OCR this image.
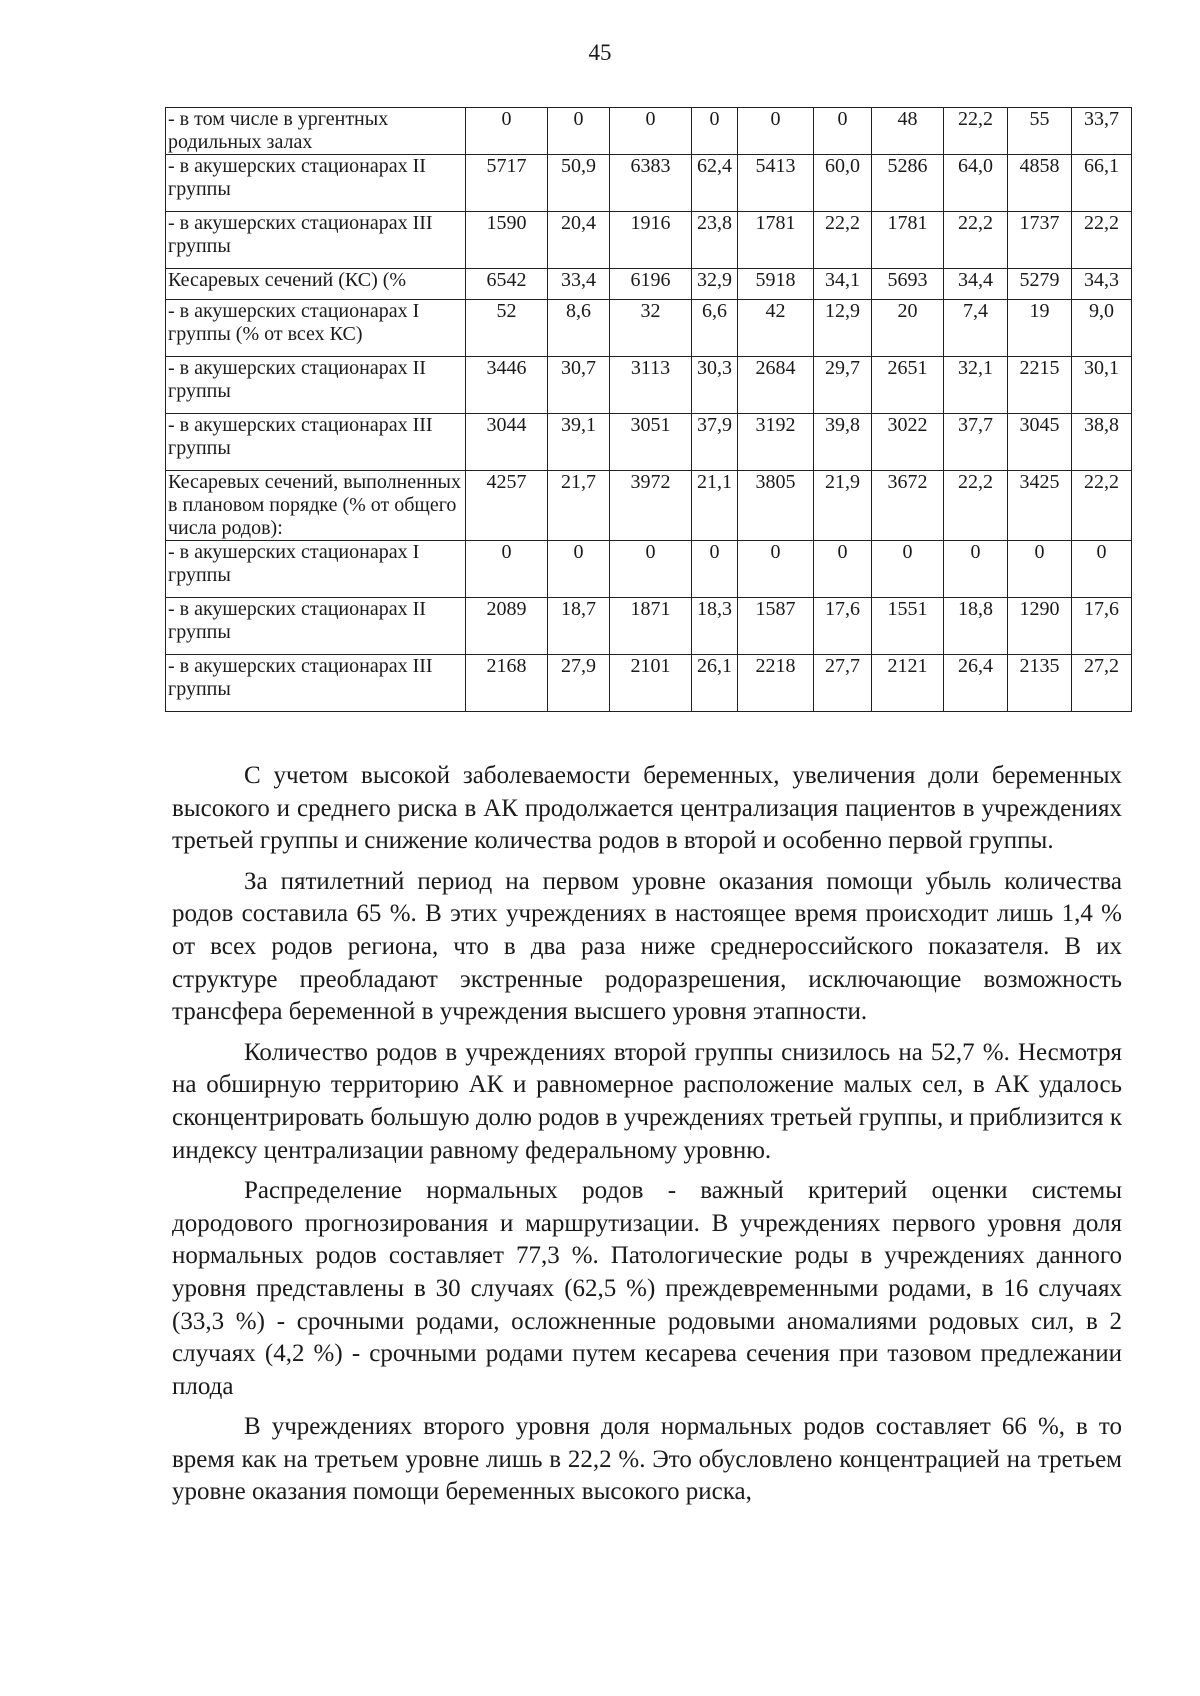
45
- в том числе в ургентных родильных залах	0	0	0	0	0	0	48	22,2	55	33,7
- в акушерских стационарах II группы	5717	50,9	6383	62,4	5413	60,0	5286	64,0	4858	66,1
- в акушерских стационарах III группы	1590	20,4	1916	23,8	1781	22,2	1781	22,2	1737	22,2
Кесаревых сечений (КС) (%	6542	33,4	6196	32,9	5918	34,1	5693	34,4	5279	34,3
- в акушерских стационарах I группы (% от всех КС)	52	8,6	32	6,6	42	12,9	20	7,4	19	9,0
- в акушерских стационарах II группы	3446	30,7	3113	30,3	2684	29,7	2651	32,1	2215	30,1
- в акушерских стационарах III группы	3044	39,1	3051	37,9	3192	39,8	3022	37,7	3045	38,8
Кесаревых сечений, выполненных в плановом порядке (% от общего числа родов):	4257	21,7	3972	21,1	3805	21,9	3672	22,2	3425	22,2
- в акушерских стационарах I группы	0	0	0	0	0	0	0	0	0	0
- в акушерских стационарах II группы	2089	18,7	1871	18,3	1587	17,6	1551	18,8	1290	17,6
- в акушерских стационарах III группы	2168	27,9	2101	26,1	2218	27,7	2121	26,4	2135	27,2

С учетом высокой заболеваемости беременных, увеличения доли беременных высокого и среднего риска в АК продолжается централизация пациентов в учреждениях третьей группы и снижение количества родов в второй и особенно первой группы.

За пятилетний период на первом уровне оказания помощи убыль количества родов составила 65 %. В этих учреждениях в настоящее время происходит лишь 1,4 % от всех родов региона, что в два раза ниже среднероссийского показателя. В их структуре преобладают экстренные родоразрешения, исключающие возможность трансфера беременной в учреждения высшего уровня этапности.

Количество родов в учреждениях второй группы снизилось на 52,7 %. Несмотря на обширную территорию АК и равномерное расположение малых сел, в АК удалось сконцентрировать большую долю родов в учреждениях третьей группы, и приблизится к индексу централизации равному федеральному уровню.

Распределение нормальных родов - важный критерий оценки системы дородового прогнозирования и маршрутизации. В учреждениях первого уровня доля нормальных родов составляет 77,3 %. Патологические роды в учреждениях данного уровня представлены в 30 случаях (62,5 %) преждевременными родами, в 16 случаях (33,3 %) - срочными родами, осложненные родовыми аномалиями родовых сил, в 2 случаях (4,2 %) - срочными родами путем кесарева сечения при тазовом предлежании плода

В учреждениях второго уровня доля нормальных родов составляет 66 %, в то время как на третьем уровне лишь в 22,2 %. Это обусловлено концентрацией на третьем уровне оказания помощи беременных высокого риска,
